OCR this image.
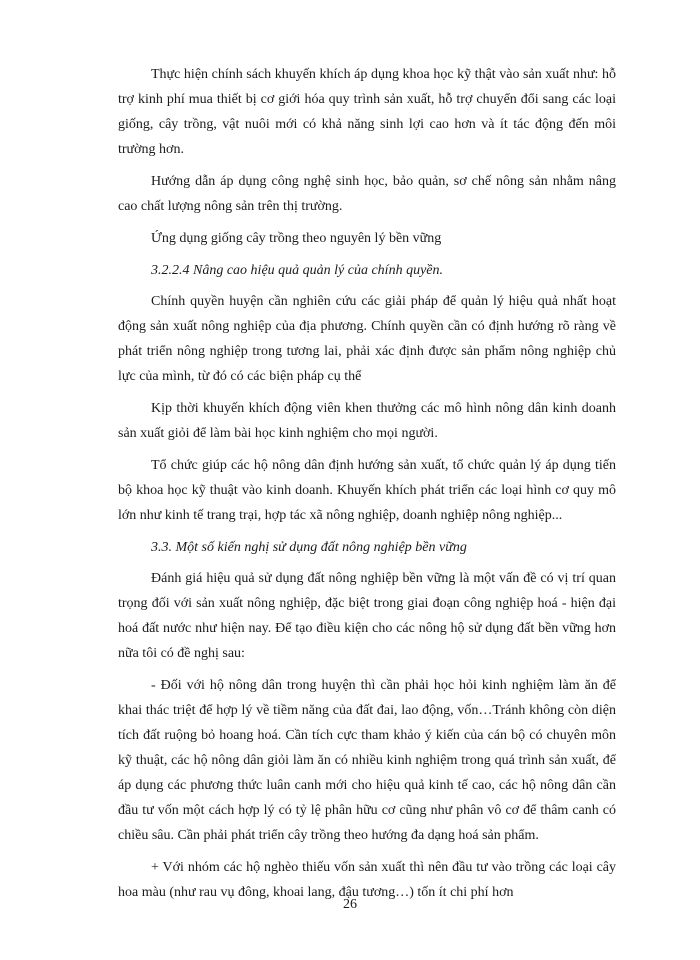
Thực hiện chính sách khuyến khích áp dụng khoa học kỹ thật vào sản xuất như: hỗ trợ kinh phí mua thiết bị cơ giới hóa quy trình sản xuất, hỗ trợ chuyển đổi sang các loại giống, cây trồng, vật nuôi mới có khả năng sinh lợi cao hơn và ít tác động đến môi trường hơn.

Hướng dẫn áp dụng công nghệ sinh học, bảo quản, sơ chế nông sản nhằm nâng cao chất lượng nông sản trên thị trường.

Ứng dụng giống cây trồng theo nguyên lý bền vững

3.2.2.4 Nâng cao hiệu quả quản lý của chính quyền.

Chính quyền huyện cần nghiên cứu các giải pháp để quản lý hiệu quả nhất hoạt động sản xuất nông nghiệp của địa phương. Chính quyền cần có định hướng rõ ràng về phát triển nông nghiệp trong tương lai, phải xác định được sản phẩm nông nghiệp chủ lực của mình, từ đó có các biện pháp cụ thể

Kịp thời khuyến khích động viên khen thưởng các mô hình nông dân kinh doanh sản xuất giỏi để làm bài học kinh nghiệm cho mọi người.

Tổ chức giúp các hộ nông dân định hướng sản xuất, tổ chức quản lý áp dụng tiến bộ khoa học kỹ thuật vào kinh doanh. Khuyến khích phát triển các loại hình cơ quy mô lớn như kinh tế trang trại, hợp tác xã nông nghiệp, doanh nghiệp nông nghiệp...

3.3. Một số kiến nghị sử dụng đất nông nghiệp bền vững

Đánh giá hiệu quả sử dụng đất nông nghiệp bền vững là một vấn đề có vị trí quan trọng đối với sản xuất nông nghiệp, đặc biệt trong giai đoạn công nghiệp hoá - hiện đại hoá đất nước như hiện nay. Để tạo điều kiện cho các nông hộ sử dụng đất bền vững hơn nữa tôi có đề nghị sau:

- Đối với hộ nông dân trong huyện thì cần phải học hỏi kinh nghiệm làm ăn để khai thác triệt để hợp lý về tiềm năng của đất đai, lao động, vốn…Tránh không còn diện tích đất ruộng bỏ hoang hoá. Cần tích cực tham khảo ý kiến của cán bộ có chuyên môn kỹ thuật, các hộ nông dân giỏi làm ăn có nhiều kinh nghiệm trong quá trình sản xuất, để áp dụng các phương thức luân canh mới cho hiệu quả kinh tế cao, các hộ nông dân cần đầu tư vốn một cách hợp lý có tỷ lệ phân hữu cơ cũng như phân vô cơ để thâm canh có chiều sâu. Cần phải phát triển cây trồng theo hướng đa dạng hoá sản phẩm.

+ Với nhóm các hộ nghèo thiếu vốn sản xuất thì nên đầu tư vào trồng các loại cây hoa màu (như rau vụ đông, khoai lang, đậu tương…) tốn ít chi phí hơn

26
